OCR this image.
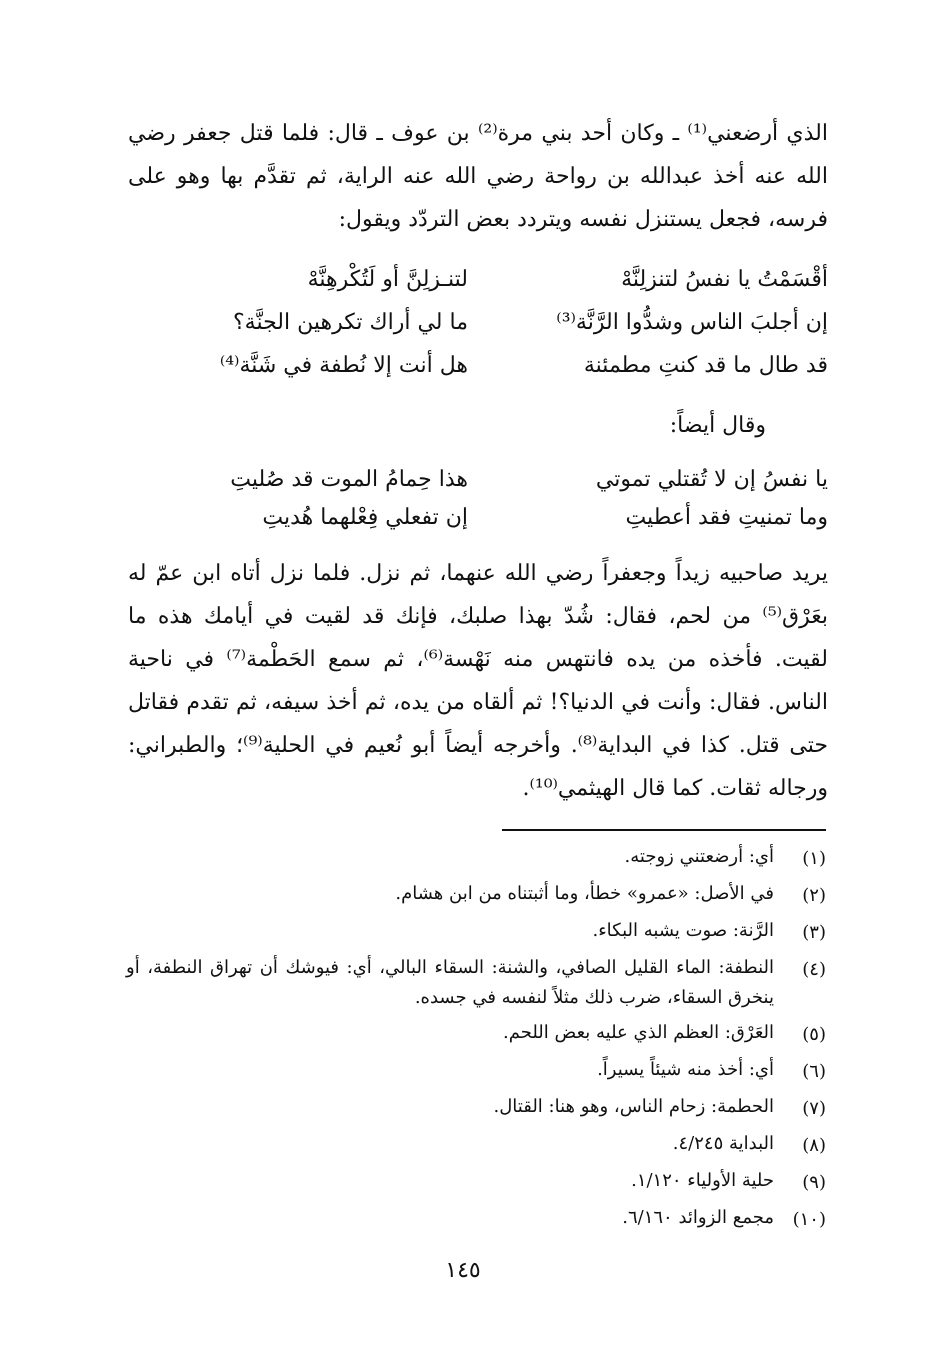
الذي أرضعني⁽¹⁾ ـ وكان أحد بني مرة⁽²⁾ بن عوف ـ قال: فلما قتل جعفر رضي الله عنه أخذ عبدالله بن رواحة رضي الله عنه الراية، ثم تقدَّم بها وهو على فرسه، فجعل يستنزل نفسه ويتردد بعض التردّد ويقول:

أقْسَمْتُ يا نفسُ لتنزلِنَّهْ
لتنـزلِنَّ أو لَتُكْرهِنَّهْ
إن أجلبَ الناس وشدُّوا الرَّنَّة⁽³⁾
ما لي أراك تكرهين الجنَّة؟
قد طال ما قد كنتِ مطمئنة
هل أنت إلا نُطفة في شَنَّة⁽⁴⁾

وقال أيضاً:

يا نفسُ إن لا تُقتلي تموتي
هذا حِمامُ الموت قد صُليتِ
وما تمنيتِ فقد أعطيتِ
إن تفعلي فِعْلهما هُديتِ

يريد صاحبيه زيداً وجعفراً رضي الله عنهما، ثم نزل. فلما نزل أتاه ابن عمّ له بعَرْق⁽⁵⁾ من لحم، فقال: شُدّ بهذا صلبك، فإنك قد لقيت في أيامك هذه ما لقيت. فأخذه من يده فانتهس منه نَهْسة⁽⁶⁾، ثم سمع الحَطْمة⁽⁷⁾ في ناحية الناس. فقال: وأنت في الدنيا؟! ثم ألقاه من يده، ثم أخذ سيفه، ثم تقدم فقاتل حتى قتل. كذا في البداية⁽⁸⁾. وأخرجه أيضاً أبو نُعيم في الحلية⁽⁹⁾؛ والطبراني: ورجاله ثقات. كما قال الهيثمي⁽¹⁰⁾.

(١)
أي: أرضعتني زوجته.
(٢)
في الأصل: «عمرو» خطأ، وما أثبتناه من ابن هشام.
(٣)
الرَّنة: صوت يشبه البكاء.
(٤)
النطفة: الماء القليل الصافي، والشنة: السقاء البالي، أي: فيوشك أن تهراق النطفة، أو ينخرق السقاء، ضرب ذلك مثلاً لنفسه في جسده.
(٥)
العَرْق: العظم الذي عليه بعض اللحم.
(٦)
أي: أخذ منه شيئاً يسيراً.
(٧)
الحطمة: زحام الناس، وهو هنا: القتال.
(٨)
البداية ٤/٢٤٥.
(٩)
حلية الأولياء ١/١٢٠.
(١٠)
مجمع الزوائد ٦/١٦٠.
١٤٥
